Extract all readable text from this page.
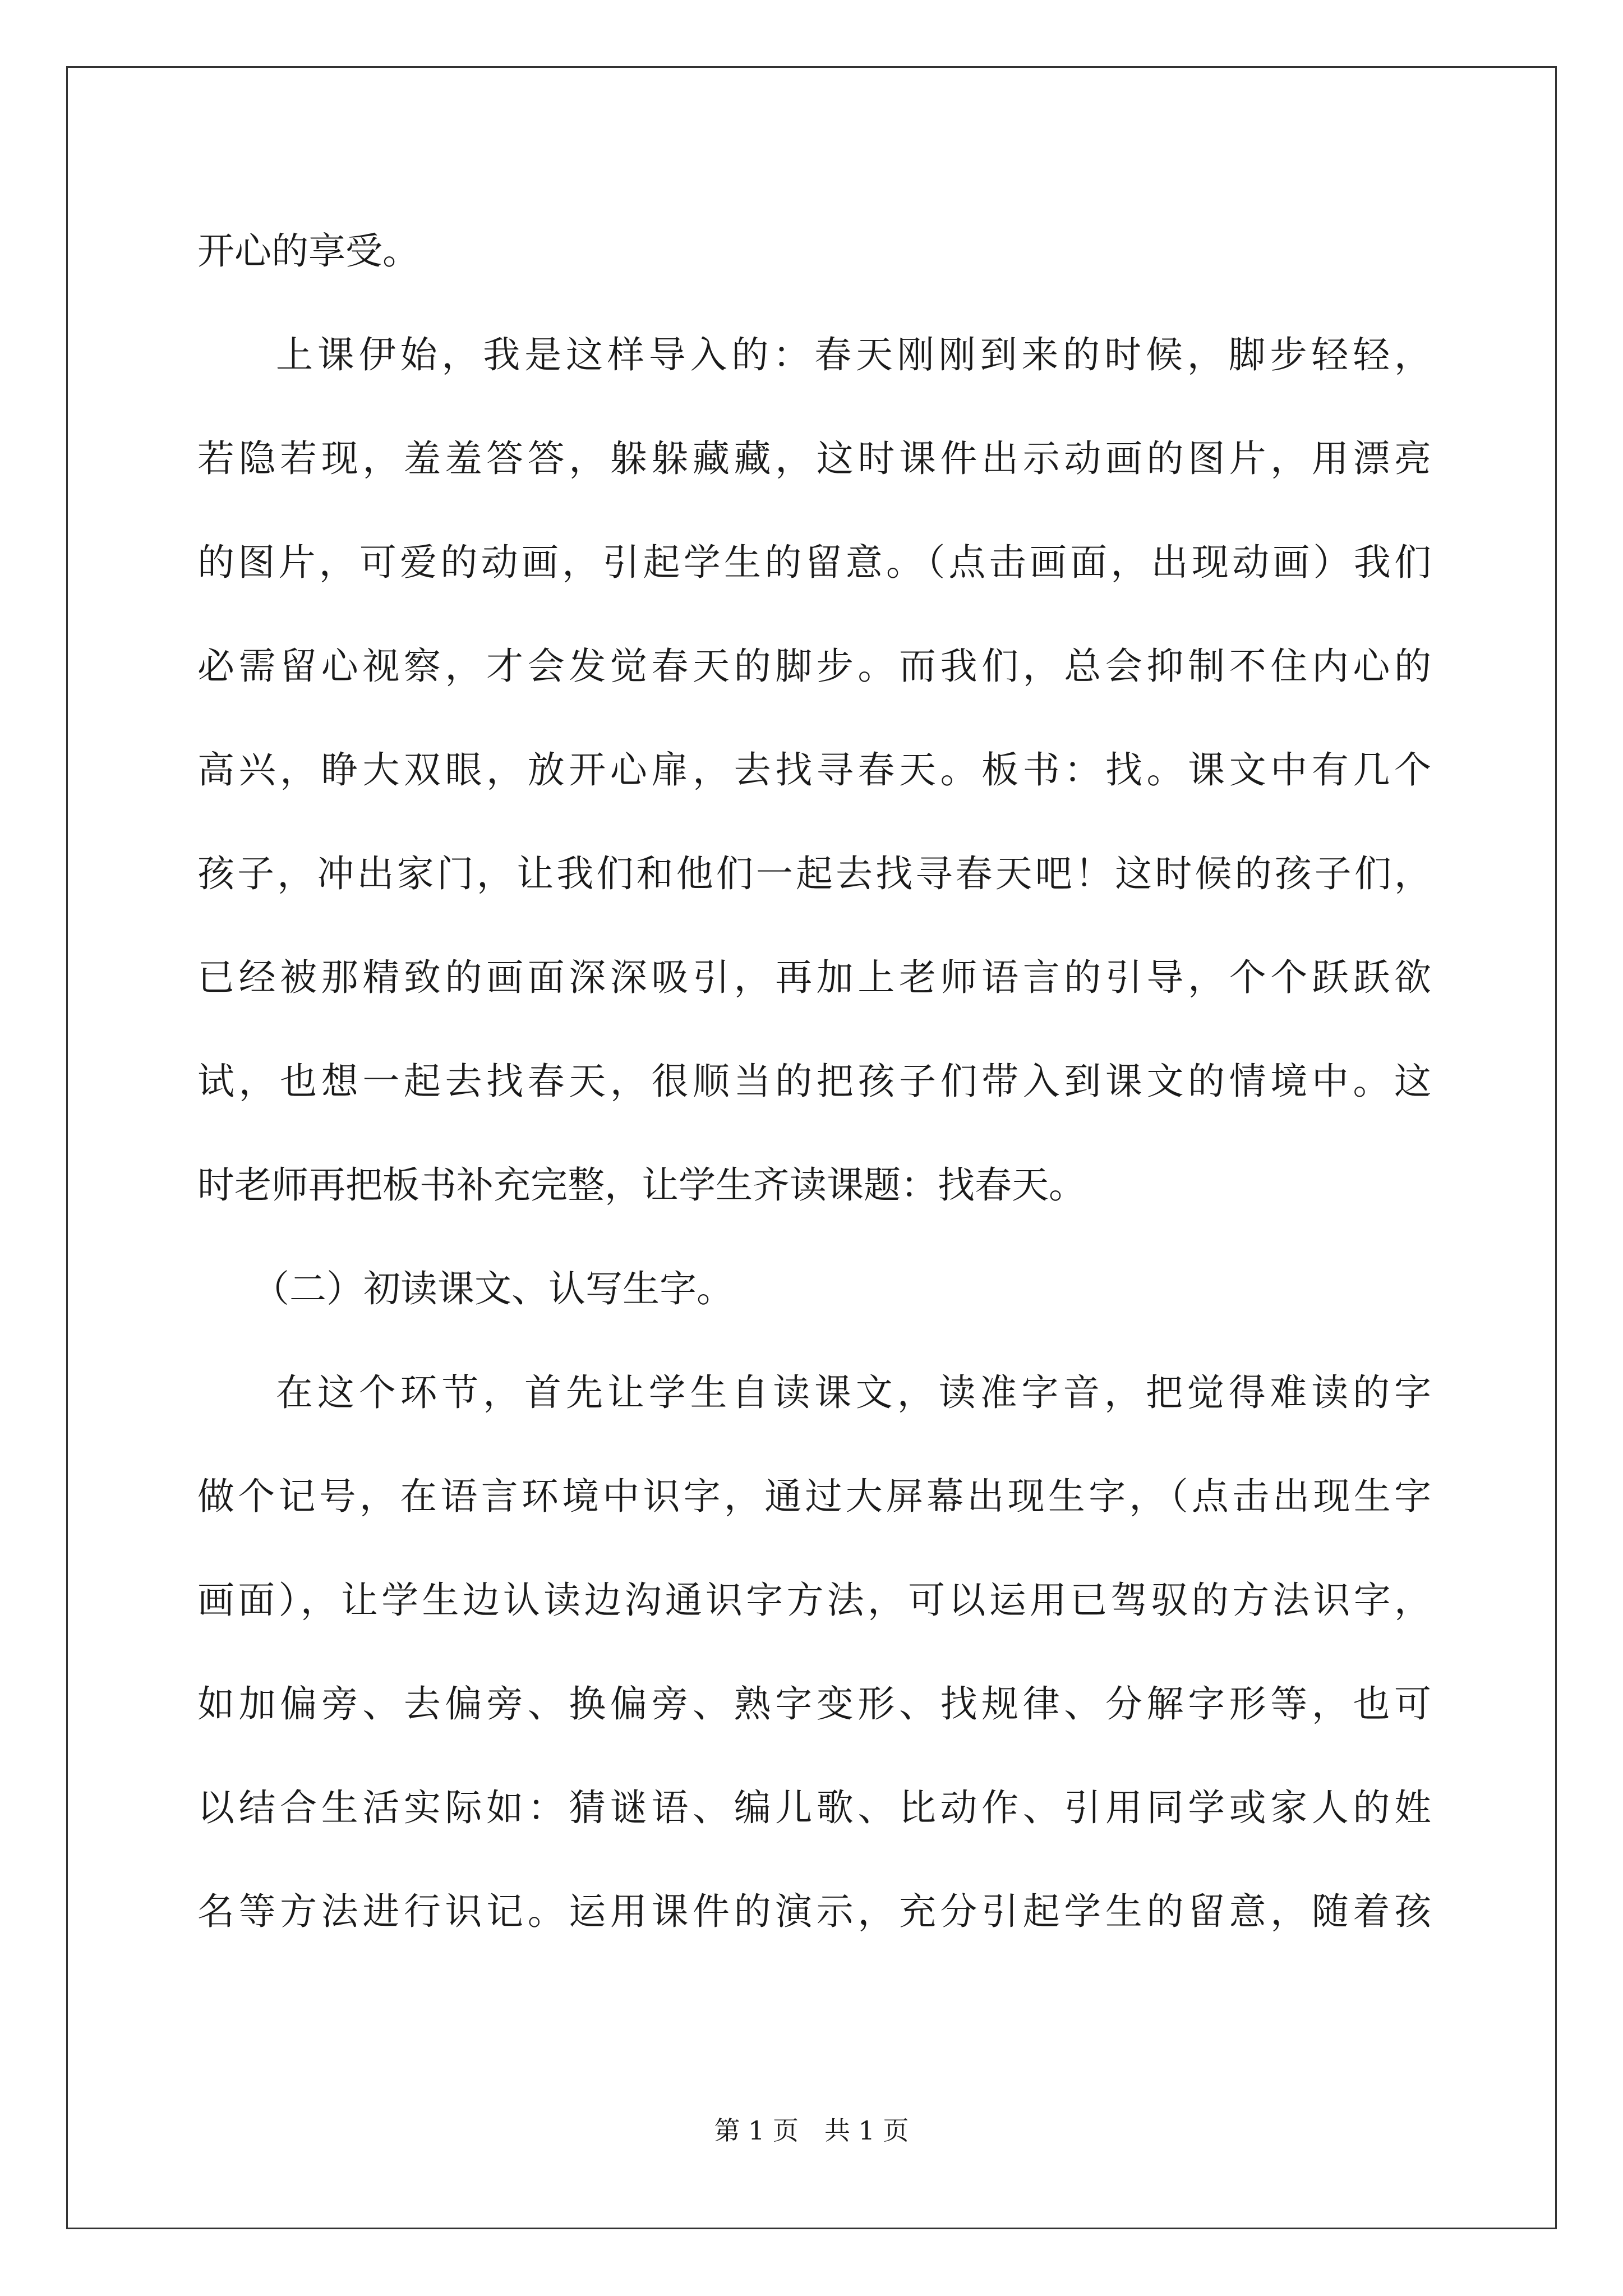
开心的享受。
上课伊始，我是这样导入的：春天刚刚到来的时候，脚步轻轻，
若隐若现，羞羞答答，躲躲藏藏，这时课件出示动画的图片，用漂亮
的图片，可爱的动画，引起学生的留意。（点击画面，出现动画）我们
必需留心视察，才会发觉春天的脚步。而我们，总会抑制不住内心的
高兴，睁大双眼，放开心扉，去找寻春天。板书：找。课文中有几个
孩子，冲出家门，让我们和他们一起去找寻春天吧！这时候的孩子们，
已经被那精致的画面深深吸引，再加上老师语言的引导，个个跃跃欲
试，也想一起去找春天，很顺当的把孩子们带入到课文的情境中。这
时老师再把板书补充完整，让学生齐读课题：找春天。
（二）初读课文、认写生字。
在这个环节，首先让学生自读课文，读准字音，把觉得难读的字
做个记号，在语言环境中识字，通过大屏幕出现生字，（点击出现生字
画面），让学生边认读边沟通识字方法，可以运用已驾驭的方法识字，
如加偏旁、去偏旁、换偏旁、熟字变形、找规律、分解字形等，也可
以结合生活实际如：猜谜语、编儿歌、比动作、引用同学或家人的姓
名等方法进行识记。运用课件的演示，充分引起学生的留意，随着孩
第 1 页 共 1 页
